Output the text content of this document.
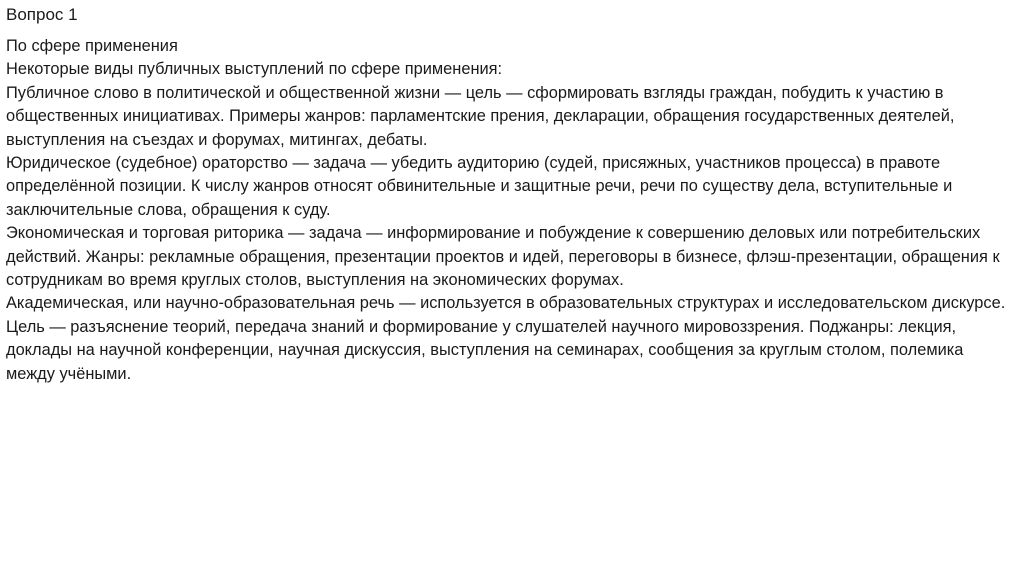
Вопрос 1

По сфере применения

Некоторые виды публичных выступлений по сфере применения:

Публичное слово в политической и общественной жизни — цель — сформировать взгляды граждан, побудить к участию в общественных инициативах. Примеры жанров: парламентские прения, декларации, обращения государственных деятелей, выступления на съездах и форумах, митингах, дебаты.

Юридическое (судебное) ораторство — задача — убедить аудиторию (судей, присяжных, участников процесса) в правоте определённой позиции. К числу жанров относят обвинительные и защитные речи, речи по существу дела, вступительные и заключительные слова, обращения к суду.

Экономическая и торговая риторика — задача — информирование и побуждение к совершению деловых или потребительских действий. Жанры: рекламные обращения, презентации проектов и идей, переговоры в бизнесе, флэш-презентации, обращения к сотрудникам во время круглых столов, выступления на экономических форумах.

Академическая, или научно-образовательная речь — используется в образовательных структурах и исследовательском дискурсе. Цель — разъяснение теорий, передача знаний и формирование у слушателей научного мировоззрения. Поджанры: лекция, доклады на научной конференции, научная дискуссия, выступления на семинарах, сообщения за круглым столом, полемика между учёными.
